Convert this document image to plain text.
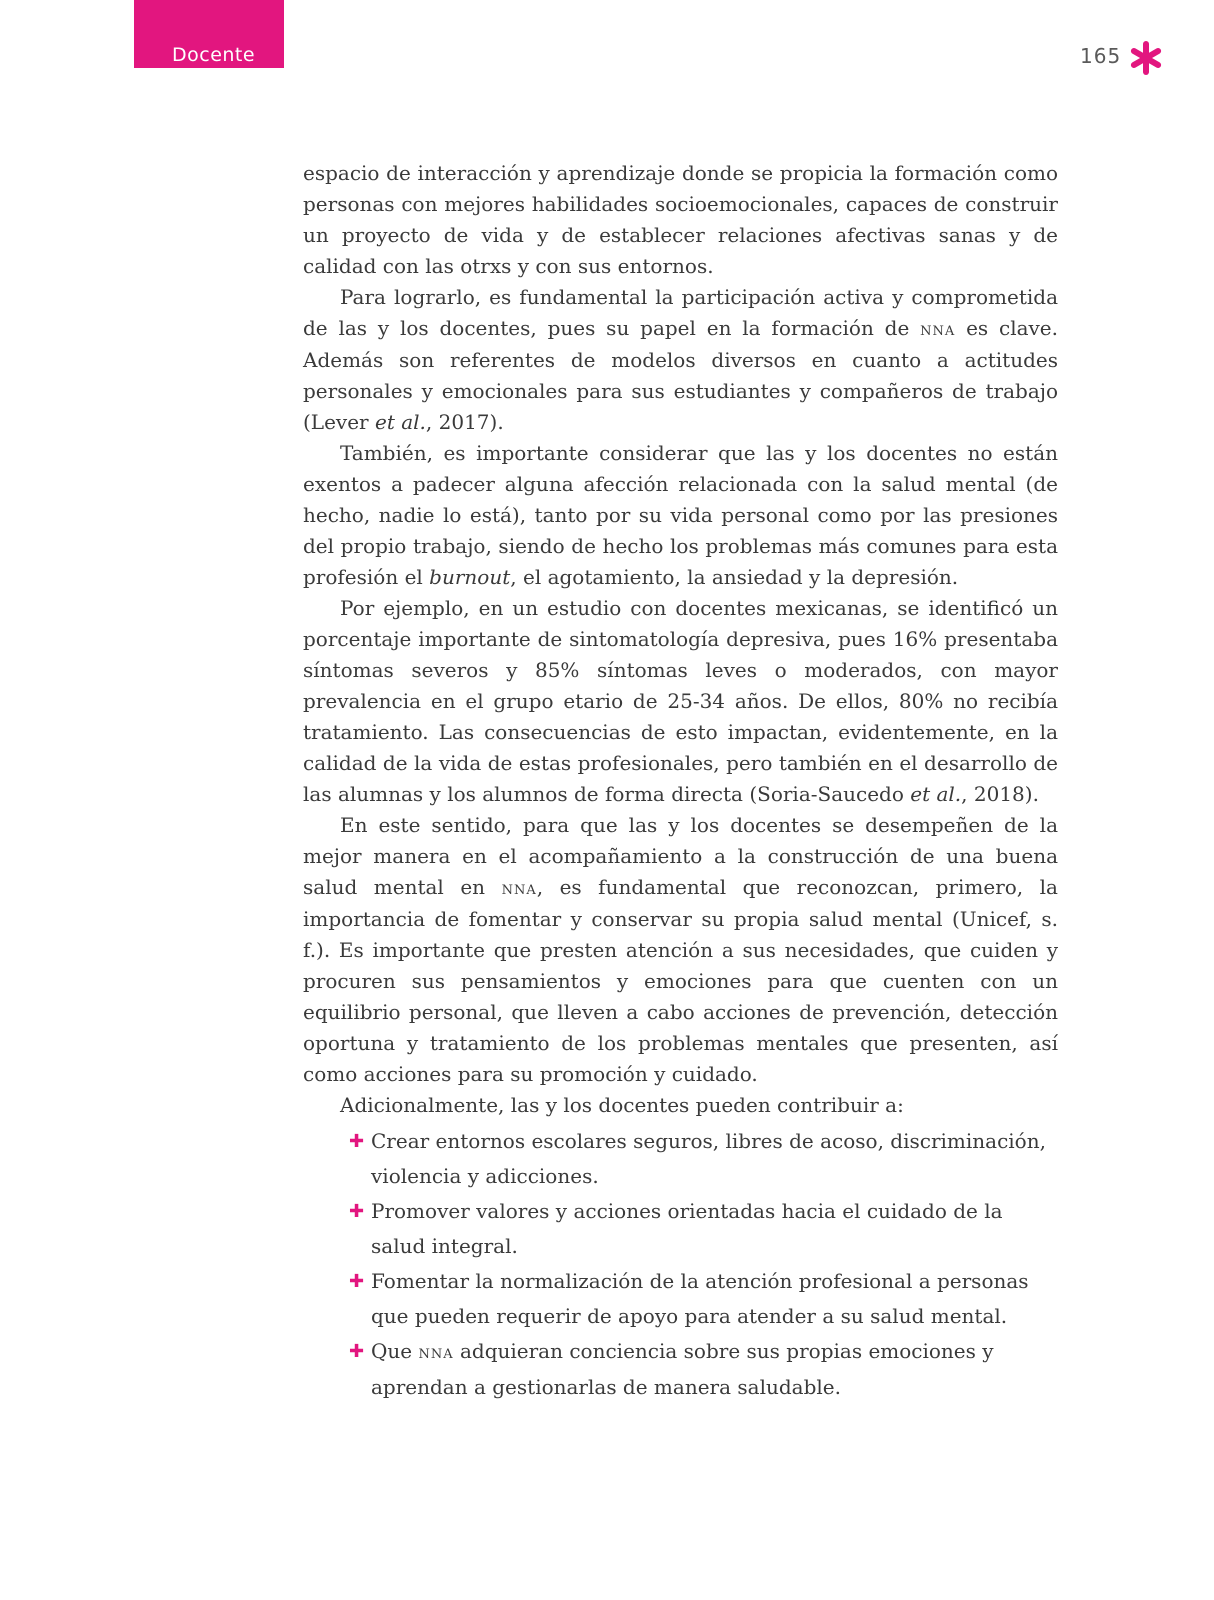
Docente	165

espacio de interacción y aprendizaje donde se propicia la formación como personas con mejores habilidades socioemocionales, capaces de construir un proyecto de vida y de establecer relaciones afectivas sanas y de calidad con las otrxs y con sus entornos.

Para lograrlo, es fundamental la participación activa y comprometida de las y los docentes, pues su papel en la formación de nna es clave. Además son referentes de modelos diversos en cuanto a actitudes personales y emocionales para sus estudiantes y compañeros de trabajo (Lever et al., 2017).

También, es importante considerar que las y los docentes no están exentos a padecer alguna afección relacionada con la salud mental (de hecho, nadie lo está), tanto por su vida personal como por las presiones del propio trabajo, siendo de hecho los problemas más comunes para esta profesión el burnout, el agotamiento, la ansiedad y la depresión.

Por ejemplo, en un estudio con docentes mexicanas, se identificó un porcentaje importante de sintomatología depresiva, pues 16% presentaba síntomas severos y 85% síntomas leves o moderados, con mayor prevalencia en el grupo etario de 25-34 años. De ellos, 80% no recibía tratamiento. Las consecuencias de esto impactan, evidentemente, en la calidad de la vida de estas profesionales, pero también en el desarrollo de las alumnas y los alumnos de forma directa (Soria-Saucedo et al., 2018).

En este sentido, para que las y los docentes se desempeñen de la mejor manera en el acompañamiento a la construcción de una buena salud mental en nna, es fundamental que reconozcan, primero, la importancia de fomentar y conservar su propia salud mental (Unicef, s. f.). Es importante que presten atención a sus necesidades, que cuiden y procuren sus pensamientos y emociones para que cuenten con un equilibrio personal, que lleven a cabo acciones de prevención, detección oportuna y tratamiento de los problemas mentales que presenten, así como acciones para su promoción y cuidado.

Adicionalmente, las y los docentes pueden contribuir a:

✚ Crear entornos escolares seguros, libres de acoso, discriminación, violencia y adicciones.
✚ Promover valores y acciones orientadas hacia el cuidado de la salud integral.
✚ Fomentar la normalización de la atención profesional a personas que pueden requerir de apoyo para atender a su salud mental.
✚ Que nna adquieran conciencia sobre sus propias emociones y aprendan a gestionarlas de manera saludable.
